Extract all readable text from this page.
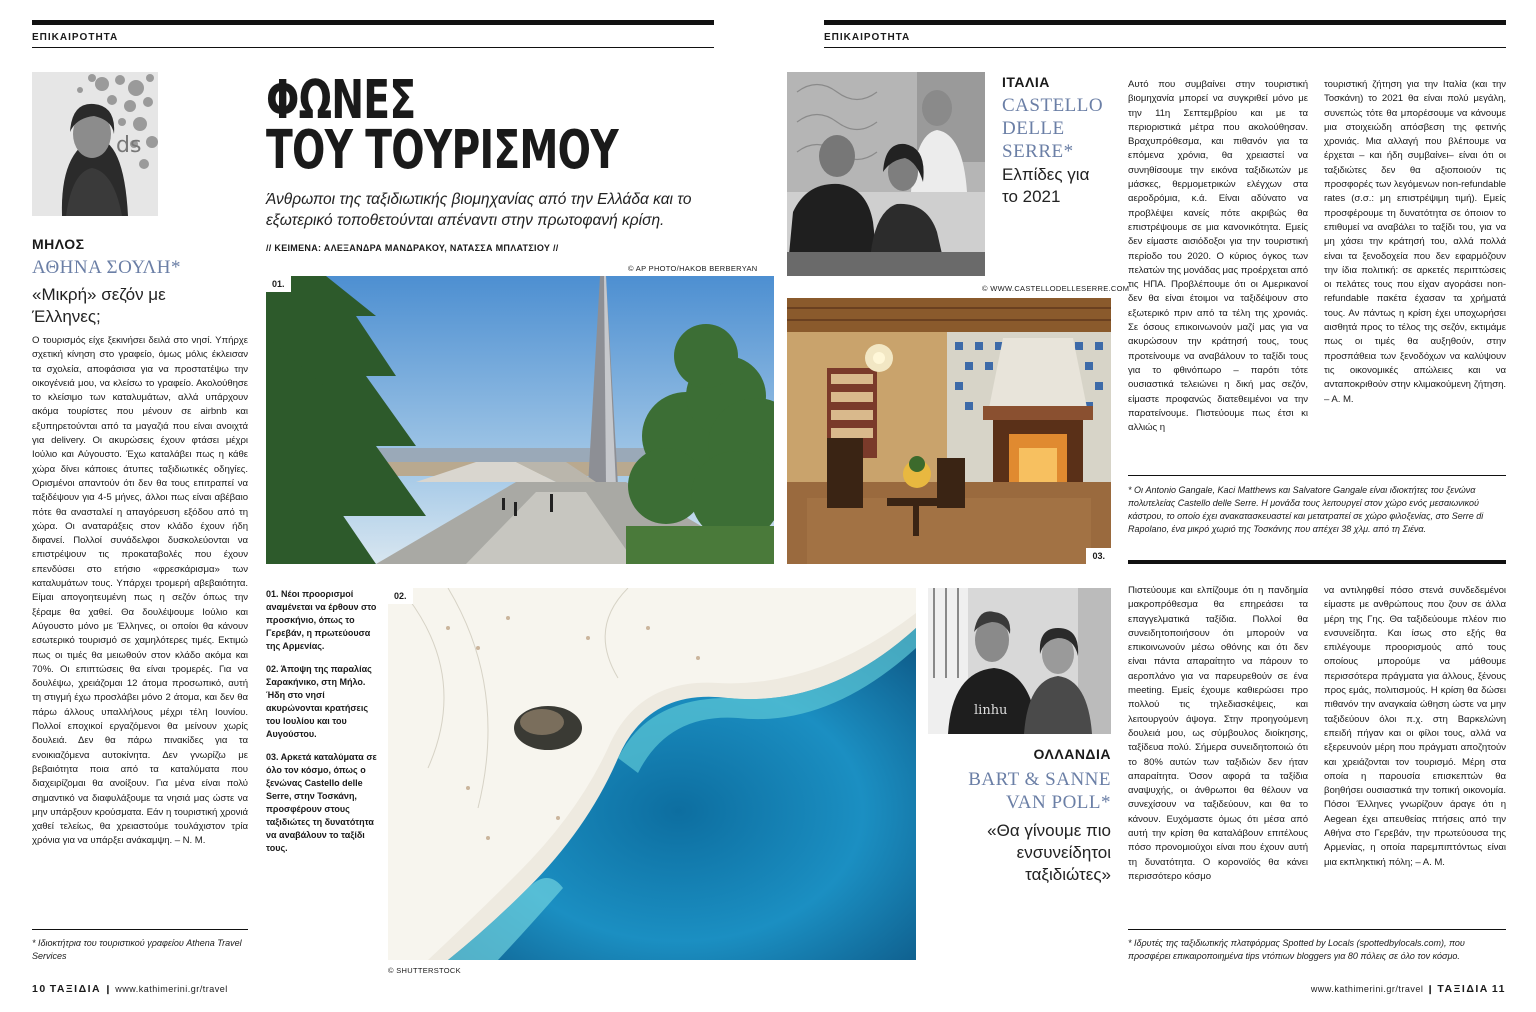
ΕΠΙΚΑΙΡΟΤΗΤΑ
ds
ΜΗΛΟΣ
ΑΘΗΝΑ ΣΟΥΛΗ*
«Μικρή» σεζόν με Έλληνες;
Ο τουρισμός είχε ξεκινήσει δειλά στο νησί. Υπήρχε σχετική κίνηση στο γραφείο, όμως μόλις έκλεισαν τα σχολεία, αποφάσισα για να προστατέψω την οικογένειά μου, να κλείσω το γραφείο. Ακολούθησε το κλείσιμο των καταλυμάτων, αλλά υπάρχουν ακόμα τουρίστες που μένουν σε airbnb και εξυπηρετούνται από τα μαγαζιά που είναι ανοιχτά για delivery. Οι ακυρώσεις έχουν φτάσει μέχρι Ιούλιο και Αύγουστο. Έχω καταλάβει πως η κάθε χώρα δίνει κάποιες άτυπες ταξιδιωτικές οδηγίες. Ορισμένοι απαντούν ότι δεν θα τους επιτραπεί να ταξιδέψουν για 4-5 μήνες, άλλοι πως είναι αβέβαιο πότε θα ανασταλεί η απαγόρευση εξόδου από τη χώρα. Οι αναταράξεις στον κλάδο έχουν ήδη διφανεί. Πολλοί συνάδελφοι δυσκολεύονται να επιστρέψουν τις προκαταβολές που έχουν επενδύσει στο ετήσιο «φρεσκάρισμα» των καταλυμάτων τους. Υπάρχει τρομερή αβεβαιότητα. Είμαι απογοητευμένη πως η σεζόν όπως την ξέραμε θα χαθεί. Θα δουλέψουμε Ιούλιο και Αύγουστο μόνο με Έλληνες, οι οποίοι θα κάνουν εσωτερικό τουρισμό σε χαμηλότερες τιμές. Εκτιμώ πως οι τιμές θα μειωθούν στον κλάδο ακόμα και 70%. Οι επιπτώσεις θα είναι τρομερές. Για να δουλέψω, χρειάζομαι 12 άτομα προσωπικό, αυτή τη στιγμή έχω προσλάβει μόνο 2 άτομα, και δεν θα πάρω άλλους υπαλλήλους μέχρι τέλη Ιουνίου. Πολλοί εποχικοί εργαζόμενοι θα μείνουν χωρίς δουλειά. Δεν θα πάρω πινακίδες για τα ενοικιαζόμενα αυτοκίνητα. Δεν γνωρίζω με βεβαιότητα ποια από τα καταλύματα που διαχειρίζομαι θα ανοίξουν. Για μένα είναι πολύ σημαντικό να διαφυλάξουμε τα νησιά μας ώστε να μην υπάρξουν κρούσματα. Εάν η τουριστική χρονιά χαθεί τελείως, θα χρειαστούμε τουλάχιστον τρία χρόνια για να υπάρξει ανάκαμψη. – Ν. Μ.
* Ιδιοκτήτρια του τουριστικού γραφείου Athena Travel Services
ΦΩΝΕΣ
ΤΟΥ ΤΟΥΡΙΣΜΟΥ
Άνθρωποι της ταξιδιωτικής βιομηχανίας από την Ελλάδα και το εξωτερικό τοποθετούνται απέναντι στην πρωτοφανή κρίση.
// ΚΕΙΜΕΝΑ: ΑΛΕΞΑΝΔΡΑ ΜΑΝΔΡΑΚΟΥ, ΝΑΤΑΣΣΑ ΜΠΛΑΤΣΙΟΥ //
© AP PHOTO/HAKOB BERBERYAN
01.

01. Νέοι προορισμοί αναμένεται να έρθουν στο προσκήνιο, όπως το Γερεβάν, η πρωτεύουσα της Αρμενίας.

02. Άποψη της παραλίας Σαρακήνικο, στη Μήλο. Ήδη στο νησί ακυρώνονται κρατήσεις του Ιουλίου και του Αυγούστου.

03. Αρκετά καταλύματα σε όλο τον κόσμο, όπως ο ξενώνας Castello delle Serre, στην Τοσκάνη, προσφέρουν στους ταξιδιώτες τη δυνατότητα να αναβάλουν το ταξίδι τους.

02.
© SHUTTERSTOCK
10 ΤΑΞΙΔΙΑ ❙ www.kathimerini.gr/travel
ΕΠΙΚΑΙΡΟΤΗΤΑ
ΙΤΑΛΙΑ
CASTELLO
DELLE
SERRE*
Ελπίδες για το 2021
Αυτό που συμβαίνει στην τουριστική βιομηχανία μπορεί να συγκριθεί μόνο με την 11η Σεπτεμβρίου και με τα περιοριστικά μέτρα που ακολούθησαν. Βραχυπρόθεσμα, και πιθανόν για τα επόμενα χρόνια, θα χρειαστεί να συνηθίσουμε την εικόνα ταξιδιωτών με μάσκες, θερμομετρικών ελέγχων στα αεροδρόμια, κ.ά. Είναι αδύνατο να προβλέψει κανείς πότε ακριβώς θα επιστρέψουμε σε μια κανονικότητα. Εμείς δεν είμαστε αισιόδοξοι για την τουριστική περίοδο του 2020. Ο κύριος όγκος των πελατών της μονάδας μας προέρχεται από τις ΗΠΑ. Προβλέπουμε ότι οι Αμερικανοί δεν θα είναι έτοιμοι να ταξιδέψουν στο εξωτερικό πριν από τα τέλη της χρονιάς. Σε όσους επικοινωνούν μαζί μας για να ακυρώσουν την κράτησή τους, τους προτείνουμε να αναβάλουν το ταξίδι τους για το φθινόπωρο – παρότι τότε ουσιαστικά τελειώνει η δική μας σεζόν, είμαστε προφανώς διατεθειμένοι να την παρατείνουμε. Πιστεύουμε πως έτσι κι αλλιώς η
τουριστική ζήτηση για την Ιταλία (και την Τοσκάνη) το 2021 θα είναι πολύ μεγάλη, συνεπώς τότε θα μπορέσουμε να κάνουμε μια στοιχειώδη απόσβεση της φετινής χρονιάς. Μια αλλαγή που βλέπουμε να έρχεται – και ήδη συμβαίνει– είναι ότι οι ταξιδιώτες δεν θα αξιοποιούν τις προσφορές των λεγόμενων non-refundable rates (σ.σ.: μη επιστρέψιμη τιμή). Εμείς προσφέρουμε τη δυνατότητα σε όποιον το επιθυμεί να αναβάλει το ταξίδι του, για να μη χάσει την κράτησή του, αλλά πολλά είναι τα ξενοδοχεία που δεν εφαρμόζουν την ίδια πολιτική: σε αρκετές περιπτώσεις οι πελάτες τους που είχαν αγοράσει non-refundable πακέτα έχασαν τα χρήματά τους. Αν πάντως η κρίση έχει υποχωρήσει αισθητά προς το τέλος της σεζόν, εκτιμάμε πως οι τιμές θα αυξηθούν, στην προσπάθεια των ξενοδόχων να καλύψουν τις οικονομικές απώλειες και να ανταποκριθούν στην κλιμακούμενη ζήτηση. – Α. Μ.
© WWW.CASTELLODELLESERRE.COM
03.
* Οι Antonio Gangale, Kaci Matthews και Salvatore Gangale είναι ιδιοκτήτες του ξενώνα πολυτελείας Castello delle Serre. Η μονάδα τους λειτουργεί στον χώρο ενός μεσαιωνικού κάστρου, το οποίο έχει ανακατασκευαστεί και μετατραπεί σε χώρο φιλοξενίας, στο Serre di Rapolano, ένα μικρό χωριό της Τοσκάνης που απέχει 38 χλμ. από τη Σιένα.
linhu
ΟΛΛΑΝΔΙΑ
BART & SANNE
VAN POLL*
«Θα γίνουμε πιο ενσυνείδητοι ταξιδιώτες»
Πιστεύουμε και ελπίζουμε ότι η πανδημία μακροπρόθεσμα θα επηρεάσει τα επαγγελματικά ταξίδια. Πολλοί θα συνειδητοποιήσουν ότι μπορούν να επικοινωνούν μέσω οθόνης και ότι δεν είναι πάντα απαραίτητο να πάρουν το αεροπλάνο για να παρευρεθούν σε ένα meeting. Εμείς έχουμε καθιερώσει προ πολλού τις τηλεδιασκέψεις, και λειτουργούν άψογα. Στην προηγούμενη δουλειά μου, ως σύμβουλος διοίκησης, ταξίδευα πολύ. Σήμερα συνειδητοποιώ ότι το 80% αυτών των ταξιδιών δεν ήταν απαραίτητα. Όσον αφορά τα ταξίδια αναψυχής, οι άνθρωποι θα θέλουν να συνεχίσουν να ταξιδεύουν, και θα το κάνουν. Ευχόμαστε όμως ότι μέσα από αυτή την κρίση θα καταλάβουν επιτέλους πόσο προνομιούχοι είναι που έχουν αυτή τη δυνατότητα. Ο κορονοϊός θα κάνει περισσότερο κόσμο
να αντιληφθεί πόσο στενά συνδεδεμένοι είμαστε με ανθρώπους που ζουν σε άλλα μέρη της Γης. Θα ταξιδεύουμε πλέον πιο ενσυνείδητα. Και ίσως στο εξής θα επιλέγουμε προορισμούς από τους οποίους μπορούμε να μάθουμε περισσότερα πράγματα για άλλους, ξένους προς εμάς, πολιτισμούς. Η κρίση θα δώσει πιθανόν την αναγκαία ώθηση ώστε να μην ταξιδεύουν όλοι π.χ. στη Βαρκελώνη επειδή πήγαν και οι φίλοι τους, αλλά να εξερευνούν μέρη που πράγματι αποζητούν και χρειάζονται τον τουρισμό. Μέρη στα οποία η παρουσία επισκεπτών θα βοηθήσει ουσιαστικά την τοπική οικονομία. Πόσοι Έλληνες γνωρίζουν άραγε ότι η Aegean έχει απευθείας πτήσεις από την Αθήνα στο Γερεβάν, την πρωτεύουσα της Αρμενίας, η οποία παρεμπιπτόντως είναι μια εκπληκτική πόλη; – Α. Μ.
* Ιδρυτές της ταξιδιωτικής πλατφόρμας Spotted by Locals (spottedbylocals.com), που προσφέρει επικαιροποιημένα tips ντόπιων bloggers για 80 πόλεις σε όλο τον κόσμο.
www.kathimerini.gr/travel ❙ ΤΑΞΙΔΙΑ 11
